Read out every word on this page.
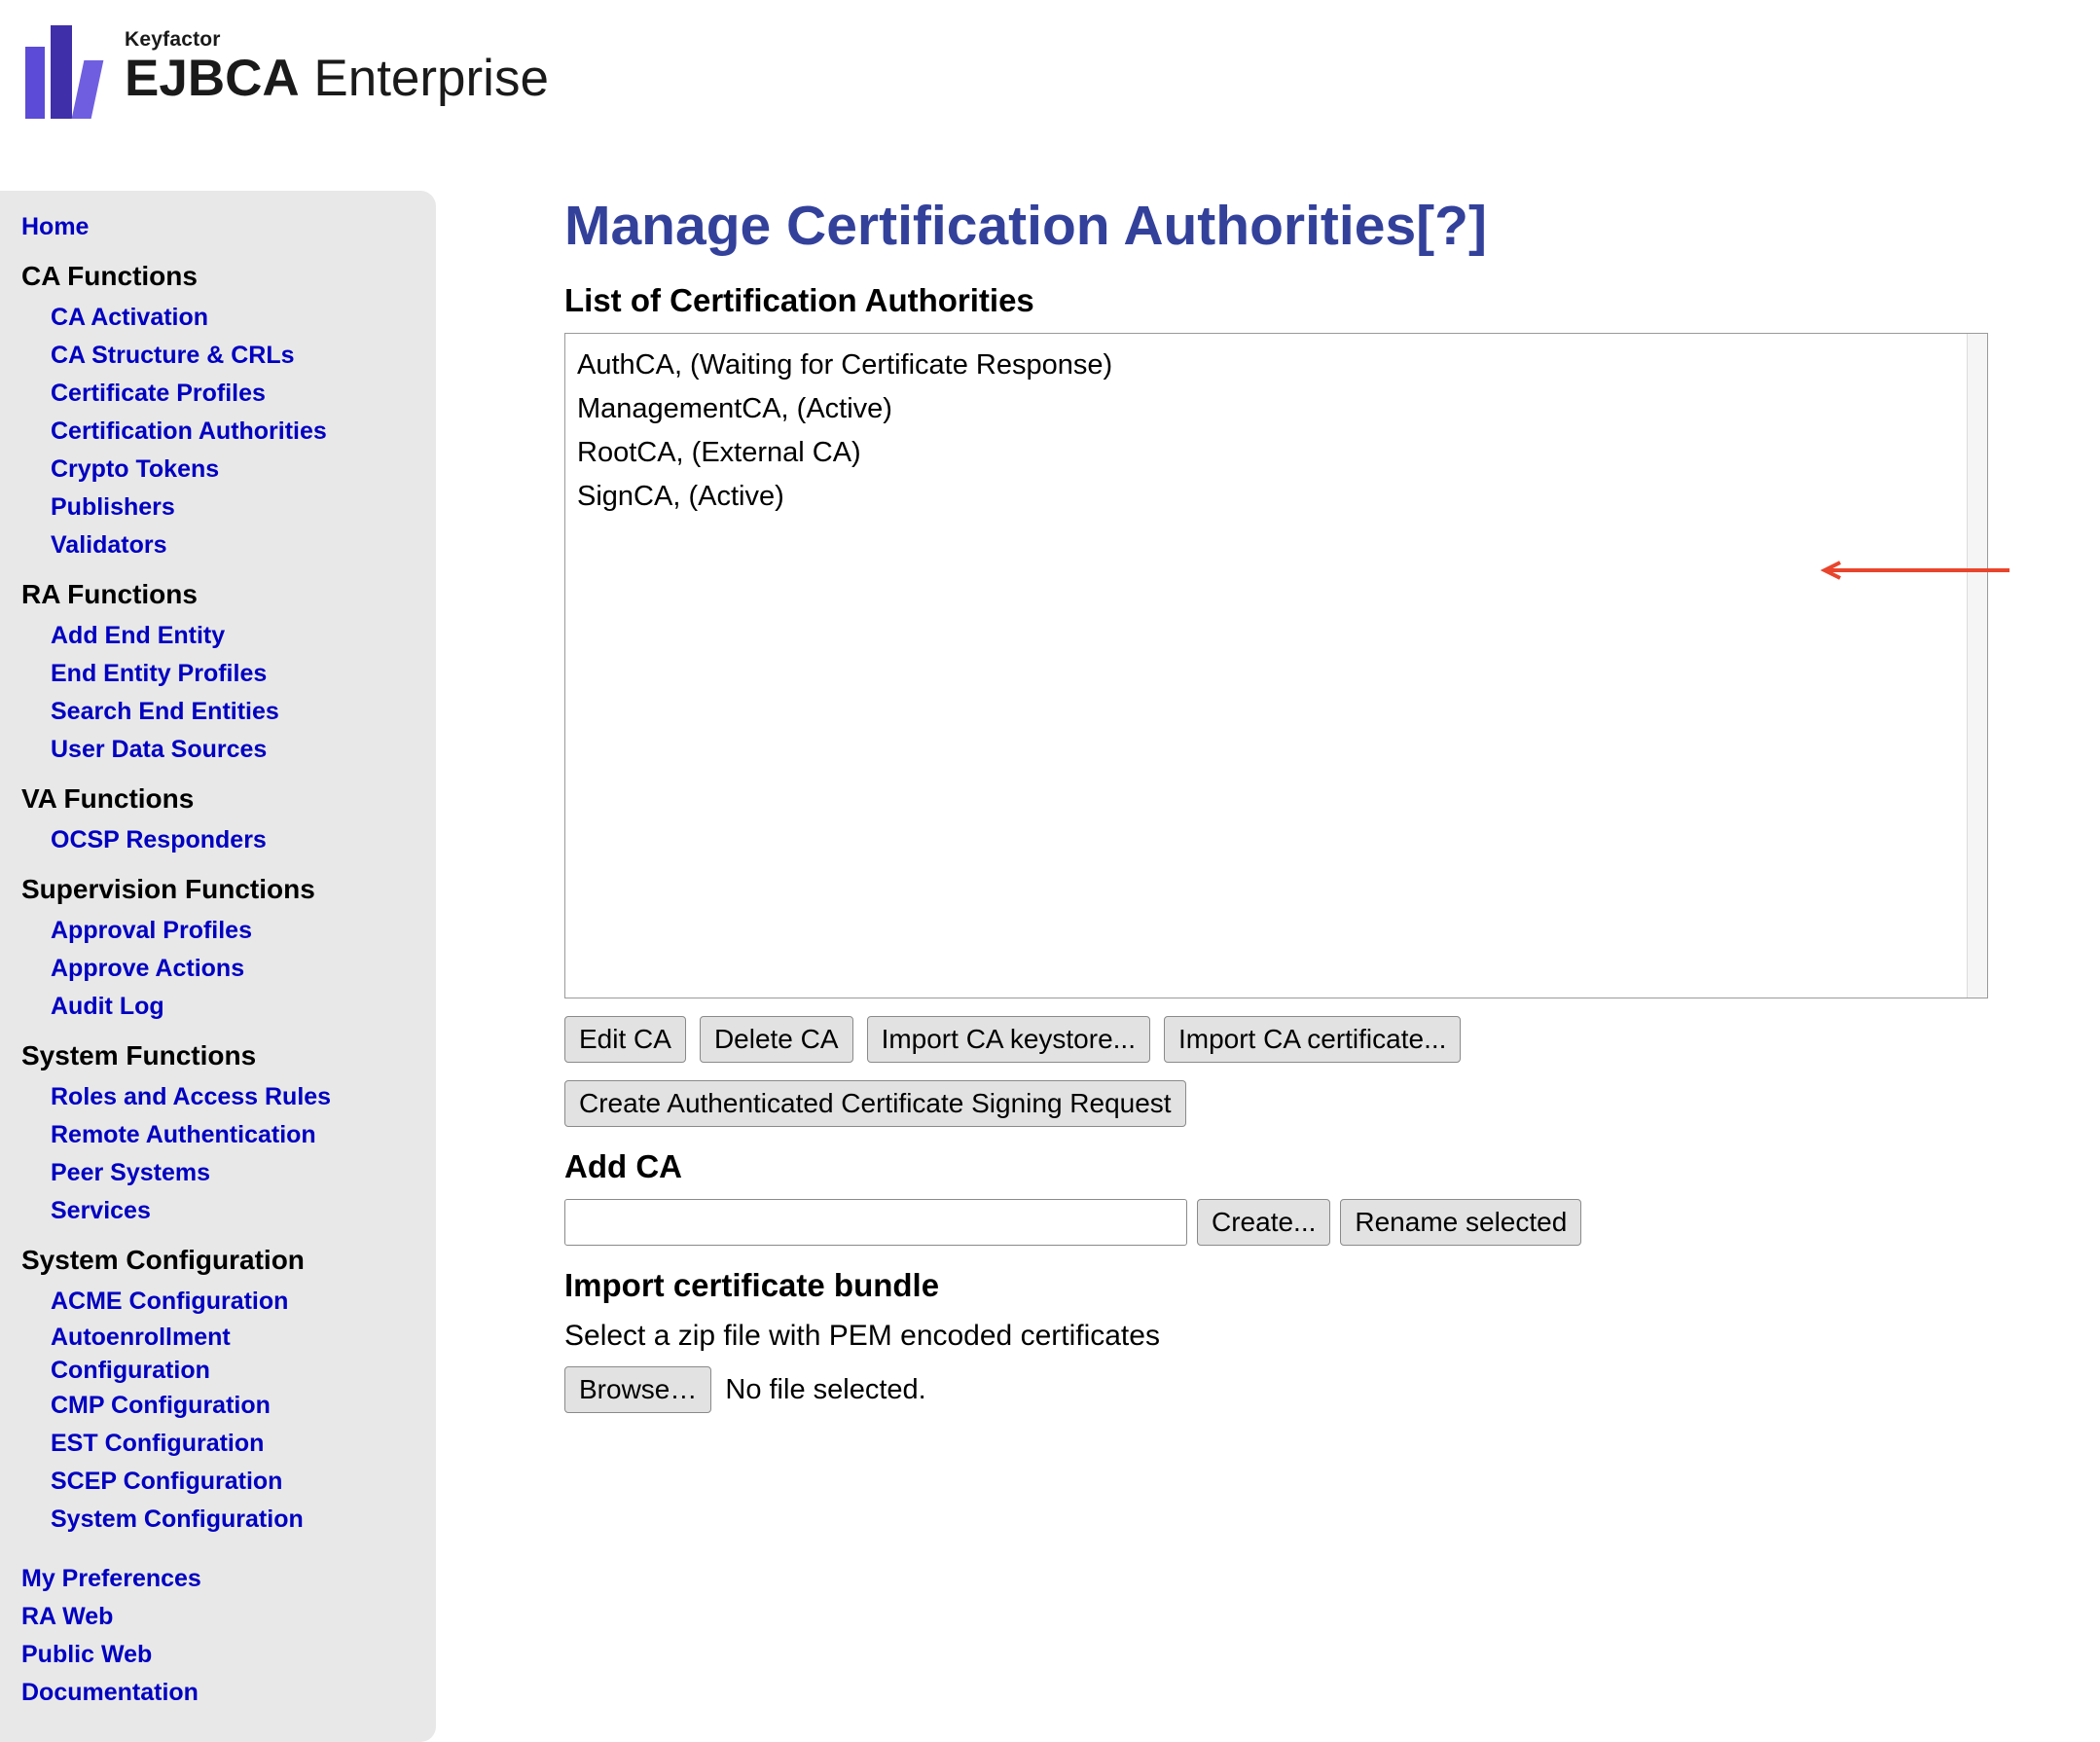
Keyfactor
EJBCA Enterprise
Home
CA Functions
CA Activation
CA Structure & CRLs
Certificate Profiles
Certification Authorities
Crypto Tokens
Publishers
Validators
RA Functions
Add End Entity
End Entity Profiles
Search End Entities
User Data Sources
VA Functions
OCSP Responders
Supervision Functions
Approval Profiles
Approve Actions
Audit Log
System Functions
Roles and Access Rules
Remote Authentication
Peer Systems
Services
System Configuration
ACME Configuration
Autoenrollment Configuration
CMP Configuration
EST Configuration
SCEP Configuration
System Configuration
My Preferences
RA Web
Public Web
Documentation
Manage Certification Authorities[?]
List of Certification Authorities
AuthCA, (Waiting for Certificate Response)
ManagementCA, (Active)
RootCA, (External CA)
SignCA, (Active)
Edit CA	Delete CA	Import CA keystore...	Import CA certificate...
Create Authenticated Certificate Signing Request
Add CA
Create...	Rename selected
Import certificate bundle
Select a zip file with PEM encoded certificates
Browse…	No file selected.
